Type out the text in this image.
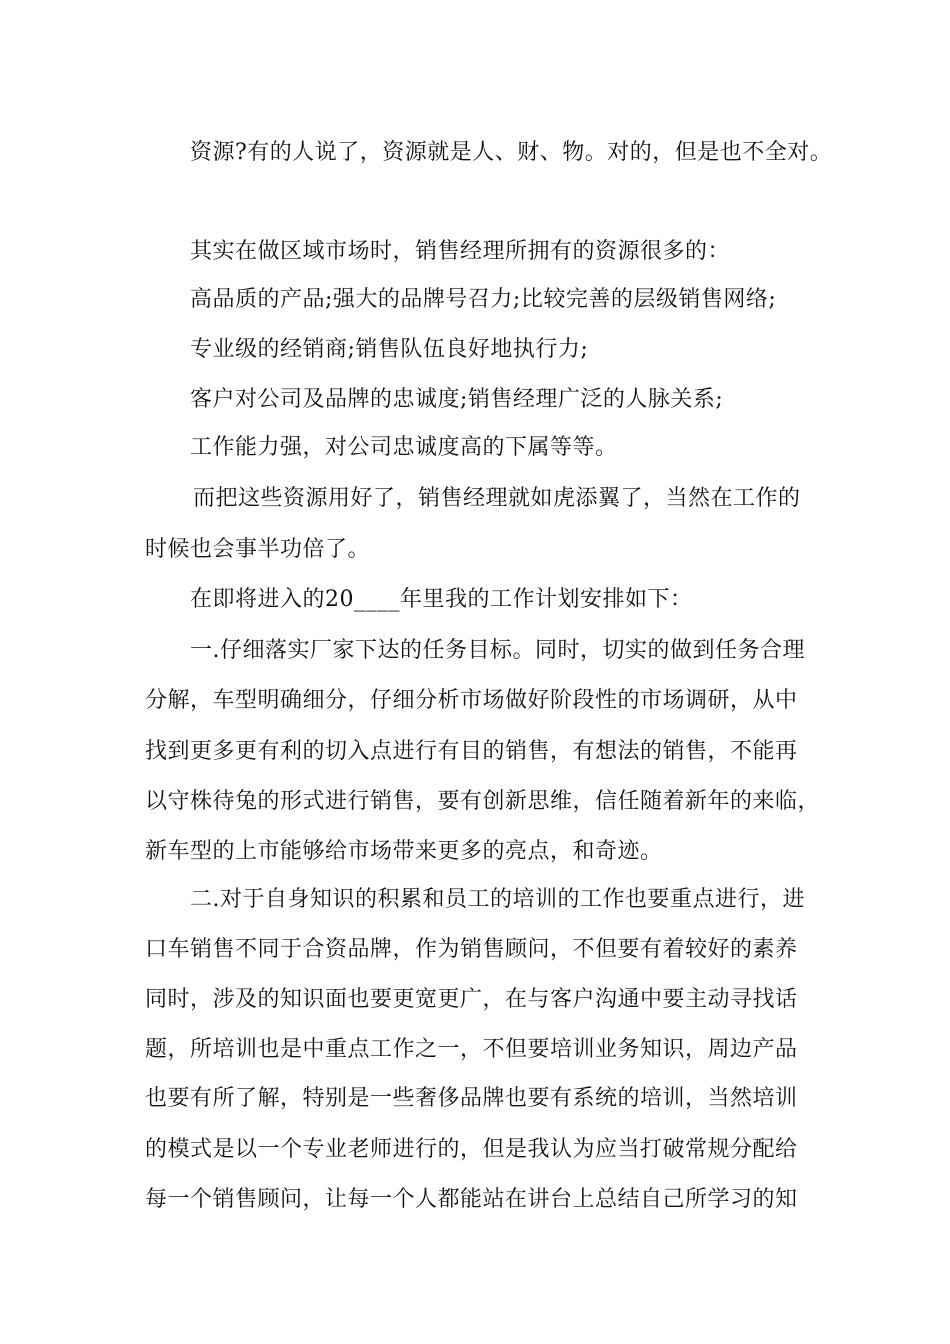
资源?有的人说了，资源就是人、财、物。对的，但是也不全对。
其实在做区域市场时，销售经理所拥有的资源很多的：
高品质的产品;强大的品牌号召力;比较完善的层级销售网络;
专业级的经销商;销售队伍良好地执行力;
客户对公司及品牌的忠诚度;销售经理广泛的人脉关系;
工作能力强，对公司忠诚度高的下属等等。
而把这些资源用好了，销售经理就如虎添翼了，当然在工作的
时候也会事半功倍了。
在即将进入的20____年里我的工作计划安排如下：
一.仔细落实厂家下达的任务目标。同时，切实的做到任务合理
分解，车型明确细分，仔细分析市场做好阶段性的市场调研，从中
找到更多更有利的切入点进行有目的销售，有想法的销售，不能再
以守株待兔的形式进行销售，要有创新思维，信任随着新年的来临，
新车型的上市能够给市场带来更多的亮点，和奇迹。
二.对于自身知识的积累和员工的培训的工作也要重点进行，进
口车销售不同于合资品牌，作为销售顾问，不但要有着较好的素养
同时，涉及的知识面也要更宽更广，在与客户沟通中要主动寻找话
题，所培训也是中重点工作之一，不但要培训业务知识，周边产品
也要有所了解，特别是一些奢侈品牌也要有系统的培训，当然培训
的模式是以一个专业老师进行的，但是我认为应当打破常规分配给
每一个销售顾问，让每一个人都能站在讲台上总结自己所学习的知
